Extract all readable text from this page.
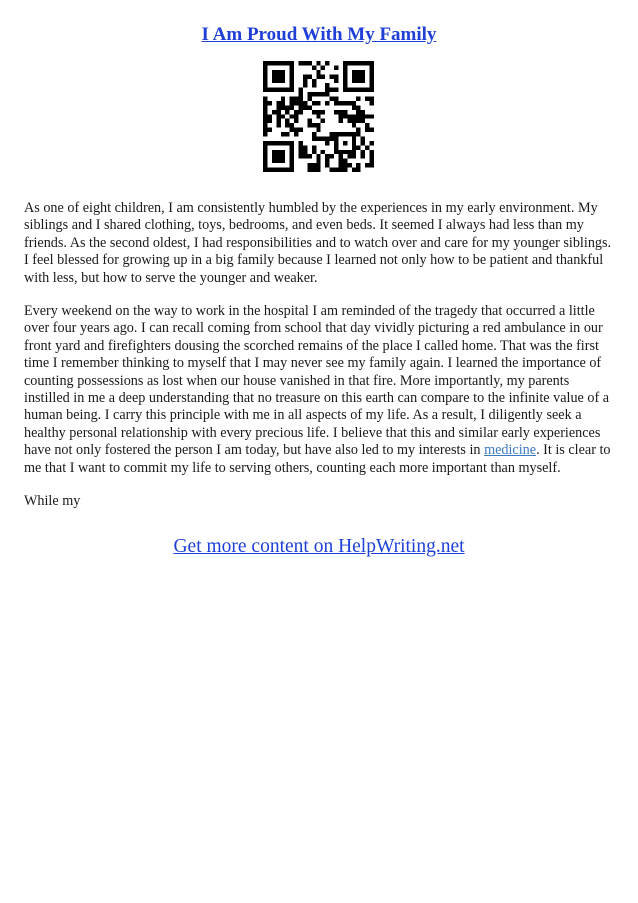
I Am Proud With My Family

As one of eight children, I am consistently humbled by the experiences in my early environment. My siblings and I shared clothing, toys, bedrooms, and even beds. It seemed I always had less than my friends. As the second oldest, I had responsibilities and to watch over and care for my younger siblings. I feel blessed for growing up in a big family because I learned not only how to be patient and thankful with less, but how to serve the younger and weaker.

Every weekend on the way to work in the hospital I am reminded of the tragedy that occurred a little over four years ago. I can recall coming from school that day vividly picturing a red ambulance in our front yard and firefighters dousing the scorched remains of the place I called home. That was the first time I remember thinking to myself that I may never see my family again. I learned the importance of counting possessions as lost when our house vanished in that fire. More importantly, my parents instilled in me a deep understanding that no treasure on this earth can compare to the infinite value of a human being. I carry this principle with me in all aspects of my life. As a result, I diligently seek a healthy personal relationship with every precious life. I believe that this and similar early experiences have not only fostered the person I am today, but have also led to my interests in medicine. It is clear to me that I want to commit my life to serving others, counting each more important than myself.

While my

Get more content on HelpWriting.net
